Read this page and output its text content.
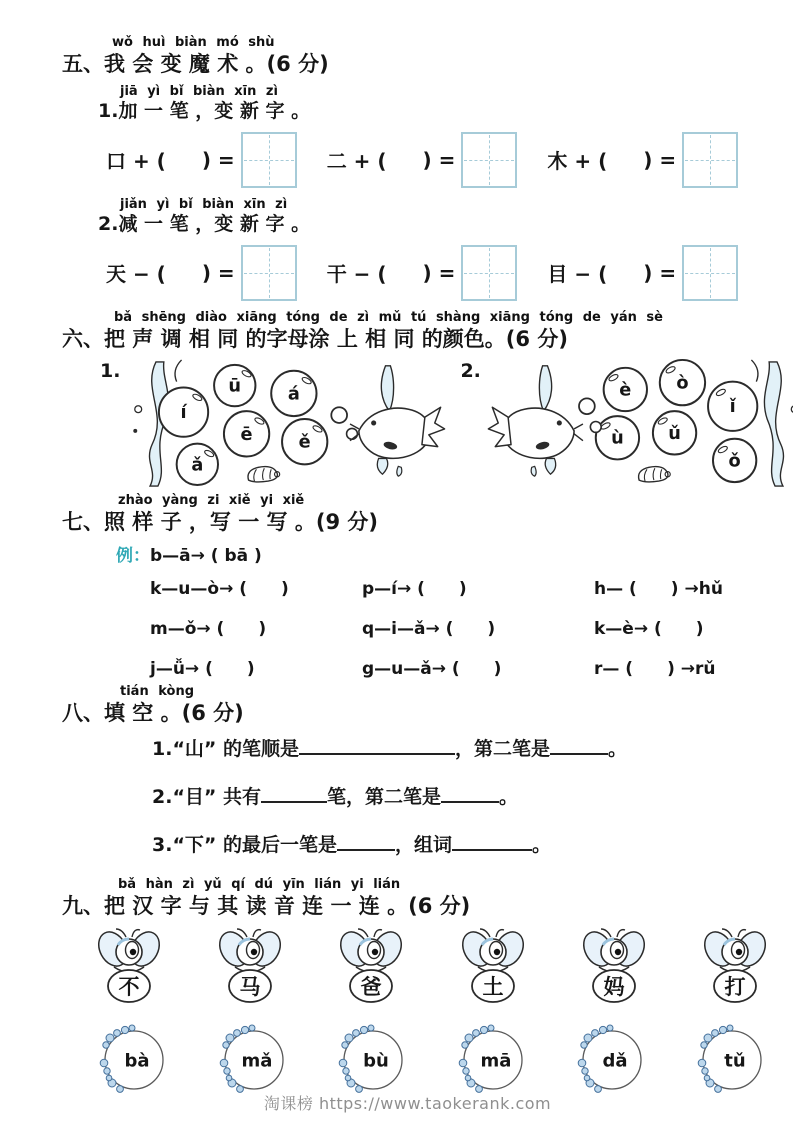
wǒ huì biàn mó shù
五、我 会 变 魔 术 。(6 分)
jiā yì bǐ biàn xīn zì
1.加 一 笔 ，变 新 字 。
口 + ( ) =	二 + ( ) =	木 + ( ) =
jiǎn yì bǐ biàn xīn zì
2.减 一 笔 ，变 新 字 。
天 − ( ) =	干 − ( ) =	目 − ( ) =
bǎ shēng diào xiāng tóng de zì mǔ tú shàng xiāng tóng de yán sè
六、把 声 调 相 同 的字母涂 上 相 同 的颜色。(6 分)
1.
ū	á
í
ē	ě
ǎ
2.
è	ò
ù ǔ
ǐ
ǒ
zhào yàng zi xiě yi xiě
七、照 样 子 ，写 一 写 。(9 分)
例：b—ā→ ( bā )
k—u—ò→ (　　)	p—í→ (　　)	h— (　　) →hǔ
m—ǒ→ (　　)	q—i—ǎ→ (　　)	k—è→ (　　)
j—ǚ→ (　　)	g—u—ǎ→ (　　)	r— (　　) →rǔ
tián kòng
八、填 空 。(6 分)
1.“山” 的笔顺是	，第二笔是	。
2.“目” 共有	笔，第二笔是	。
3.“下” 的最后一笔是	，组词	。
bǎ hàn zì yǔ qí dú yīn lián yi lián
九、把 汉 字 与 其 读 音 连 一 连 。(6 分)
不	马	爸	土	妈	打
bà	mǎ	bù	mā	dǎ	tǔ
淘课榜 https://www.taokerank.com
